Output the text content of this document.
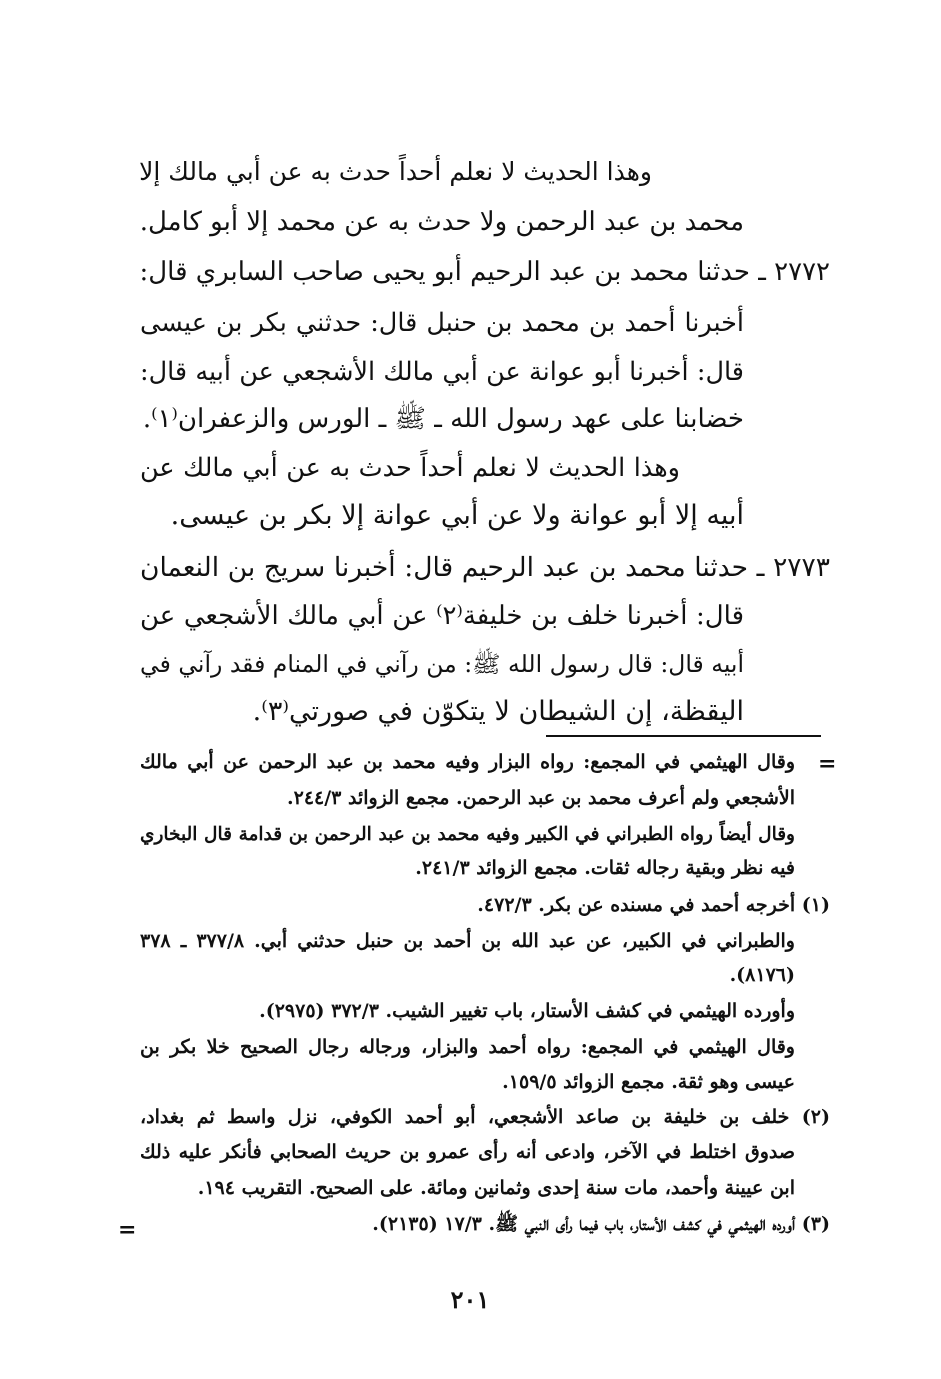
وهذا الحديث لا نعلم أحداً حدث به عن أبي مالك إلا
محمد بن عبد الرحمن ولا حدث به عن محمد إلا أبو كامل.
٢٧٧٢ ـ حدثنا محمد بن عبد الرحيم أبو يحيى صاحب السابري قال:
أخبرنا أحمد بن محمد بن حنبل قال: حدثني بكر بن عيسى
قال: أخبرنا أبو عوانة عن أبي مالك الأشجعي عن أبيه قال:
خضابنا على عهد رسول الله ـ ﷺ ـ الورس والزعفران⁽١⁾.
وهذا الحديث لا نعلم أحداً حدث به عن أبي مالك عن
أبيه إلا أبو عوانة ولا عن أبي عوانة إلا بكر بن عيسى.
٢٧٧٣ ـ حدثنا محمد بن عبد الرحيم قال: أخبرنا سريج بن النعمان
قال: أخبرنا خلف بن خليفة⁽٢⁾ عن أبي مالك الأشجعي عن
أبيه قال: قال رسول الله ﷺ: من رآني في المنام فقد رآني في
اليقظة، إن الشيطان لا يتكوّن في صورتي⁽٣⁾.
=
وقال الهيثمي في المجمع: رواه البزار وفيه محمد بن عبد الرحمن عن أبي مالك
الأشجعي ولم أعرف محمد بن عبد الرحمن. مجمع الزوائد ٢٤٤/٣.
وقال أيضاً رواه الطبراني في الكبير وفيه محمد بن عبد الرحمن بن قدامة قال البخاري
فيه نظر وبقية رجاله ثقات. مجمع الزوائد ٢٤١/٣.
(١) أخرجه أحمد في مسنده عن بكر. ٤٧٢/٣.
والطبراني في الكبير، عن عبد الله بن أحمد بن حنبل حدثني أبي. ٣٧٧/٨ ـ ٣٧٨
(٨١٧٦).
وأورده الهيثمي في كشف الأستار، باب تغيير الشيب. ٣٧٢/٣ (٢٩٧٥).
وقال الهيثمي في المجمع: رواه أحمد والبزار، ورجاله رجال الصحيح خلا بكر بن
عيسى وهو ثقة. مجمع الزوائد ١٥٩/٥.
(٢) خلف بن خليفة بن صاعد الأشجعي، أبو أحمد الكوفي، نزل واسط ثم بغداد،
صدوق اختلط في الآخر، وادعى أنه رأى عمرو بن حريث الصحابي فأنكر عليه ذلك
ابن عيينة وأحمد، مات سنة إحدى وثمانين ومائة. على الصحيح. التقريب ١٩٤.
(٣) أورده الهيثمي في كشف الأستار، باب فيما رأى النبي ﷺ. ١٧/٣ (٢١٣٥).
=
٢٠١
